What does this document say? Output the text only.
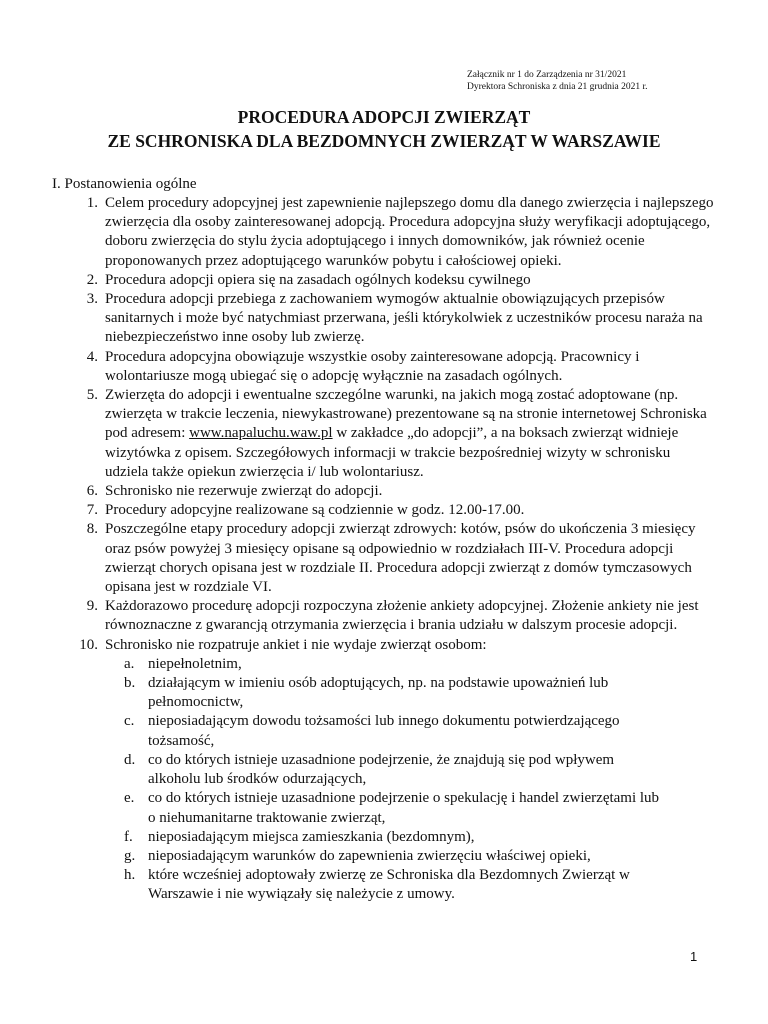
Załącznik nr 1 do Zarządzenia nr 31/2021
Dyrektora Schroniska z dnia 21 grudnia 2021 r.
PROCEDURA ADOPCJI ZWIERZĄT
ZE SCHRONISKA DLA BEZDOMNYCH ZWIERZĄT W WARSZAWIE
I. Postanowienia ogólne
1. Celem procedury adopcyjnej jest zapewnienie najlepszego domu dla danego zwierzęcia i najlepszego zwierzęcia dla osoby zainteresowanej adopcją. Procedura adopcyjna służy weryfikacji adoptującego, doboru zwierzęcia do stylu życia adoptującego i innych domowników, jak również ocenie proponowanych przez adoptującego warunków pobytu i całościowej opieki.
2. Procedura adopcji opiera się na zasadach ogólnych kodeksu cywilnego
3. Procedura adopcji przebiega z zachowaniem wymogów aktualnie obowiązujących przepisów sanitarnych i może być natychmiast przerwana, jeśli którykolwiek z uczestników procesu naraża na niebezpieczeństwo inne osoby lub zwierzę.
4. Procedura adopcyjna obowiązuje wszystkie osoby zainteresowane adopcją. Pracownicy i wolontariusze mogą ubiegać się o adopcję wyłącznie na zasadach ogólnych.
5. Zwierzęta do adopcji i ewentualne szczególne warunki, na jakich mogą zostać adoptowane (np. zwierzęta w trakcie leczenia, niewykastrowane) prezentowane są na stronie internetowej Schroniska pod adresem: www.napaluchu.waw.pl w zakładce „do adopcji”, a na boksach zwierząt widnieje wizytówka z opisem. Szczegółowych informacji w trakcie bezpośredniej wizyty w schronisku udziela także opiekun zwierzęcia i/ lub wolontariusz.
6. Schronisko nie rezerwuje zwierząt do adopcji.
7. Procedury adopcyjne realizowane są codziennie w godz. 12.00-17.00.
8. Poszczególne etapy procedury adopcji zwierząt zdrowych: kotów, psów do ukończenia 3 miesięcy oraz psów powyżej 3 miesięcy opisane są odpowiednio w rozdziałach III-V. Procedura adopcji zwierząt chorych opisana jest w rozdziale II. Procedura adopcji zwierząt z domów tymczasowych opisana jest w rozdziale VI.
9. Każdorazowo procedurę adopcji rozpoczyna złożenie ankiety adopcyjnej. Złożenie ankiety nie jest równoznaczne z gwarancją otrzymania zwierzęcia i brania udziału w dalszym procesie adopcji.
10. Schronisko nie rozpatruje ankiet i nie wydaje zwierząt osobom:
a. niepełnoletnim,
b. działającym w imieniu osób adoptujących, np. na podstawie upoważnień lub pełnomocnictw,
c. nieposiadającym dowodu tożsamości lub innego dokumentu potwierdzającego tożsamość,
d. co do których istnieje uzasadnione podejrzenie, że znajdują się pod wpływem alkoholu lub środków odurzających,
e. co do których istnieje uzasadnione podejrzenie o spekulację i handel zwierzętami lub o niehumanitarne traktowanie zwierząt,
f. nieposiadającym miejsca zamieszkania (bezdomnym),
g. nieposiadającym warunków do zapewnienia zwierzęciu właściwej opieki,
h. które wcześniej adoptowały zwierzę ze Schroniska dla Bezdomnych Zwierząt w Warszawie i nie wywiązały się należycie z umowy.
1
